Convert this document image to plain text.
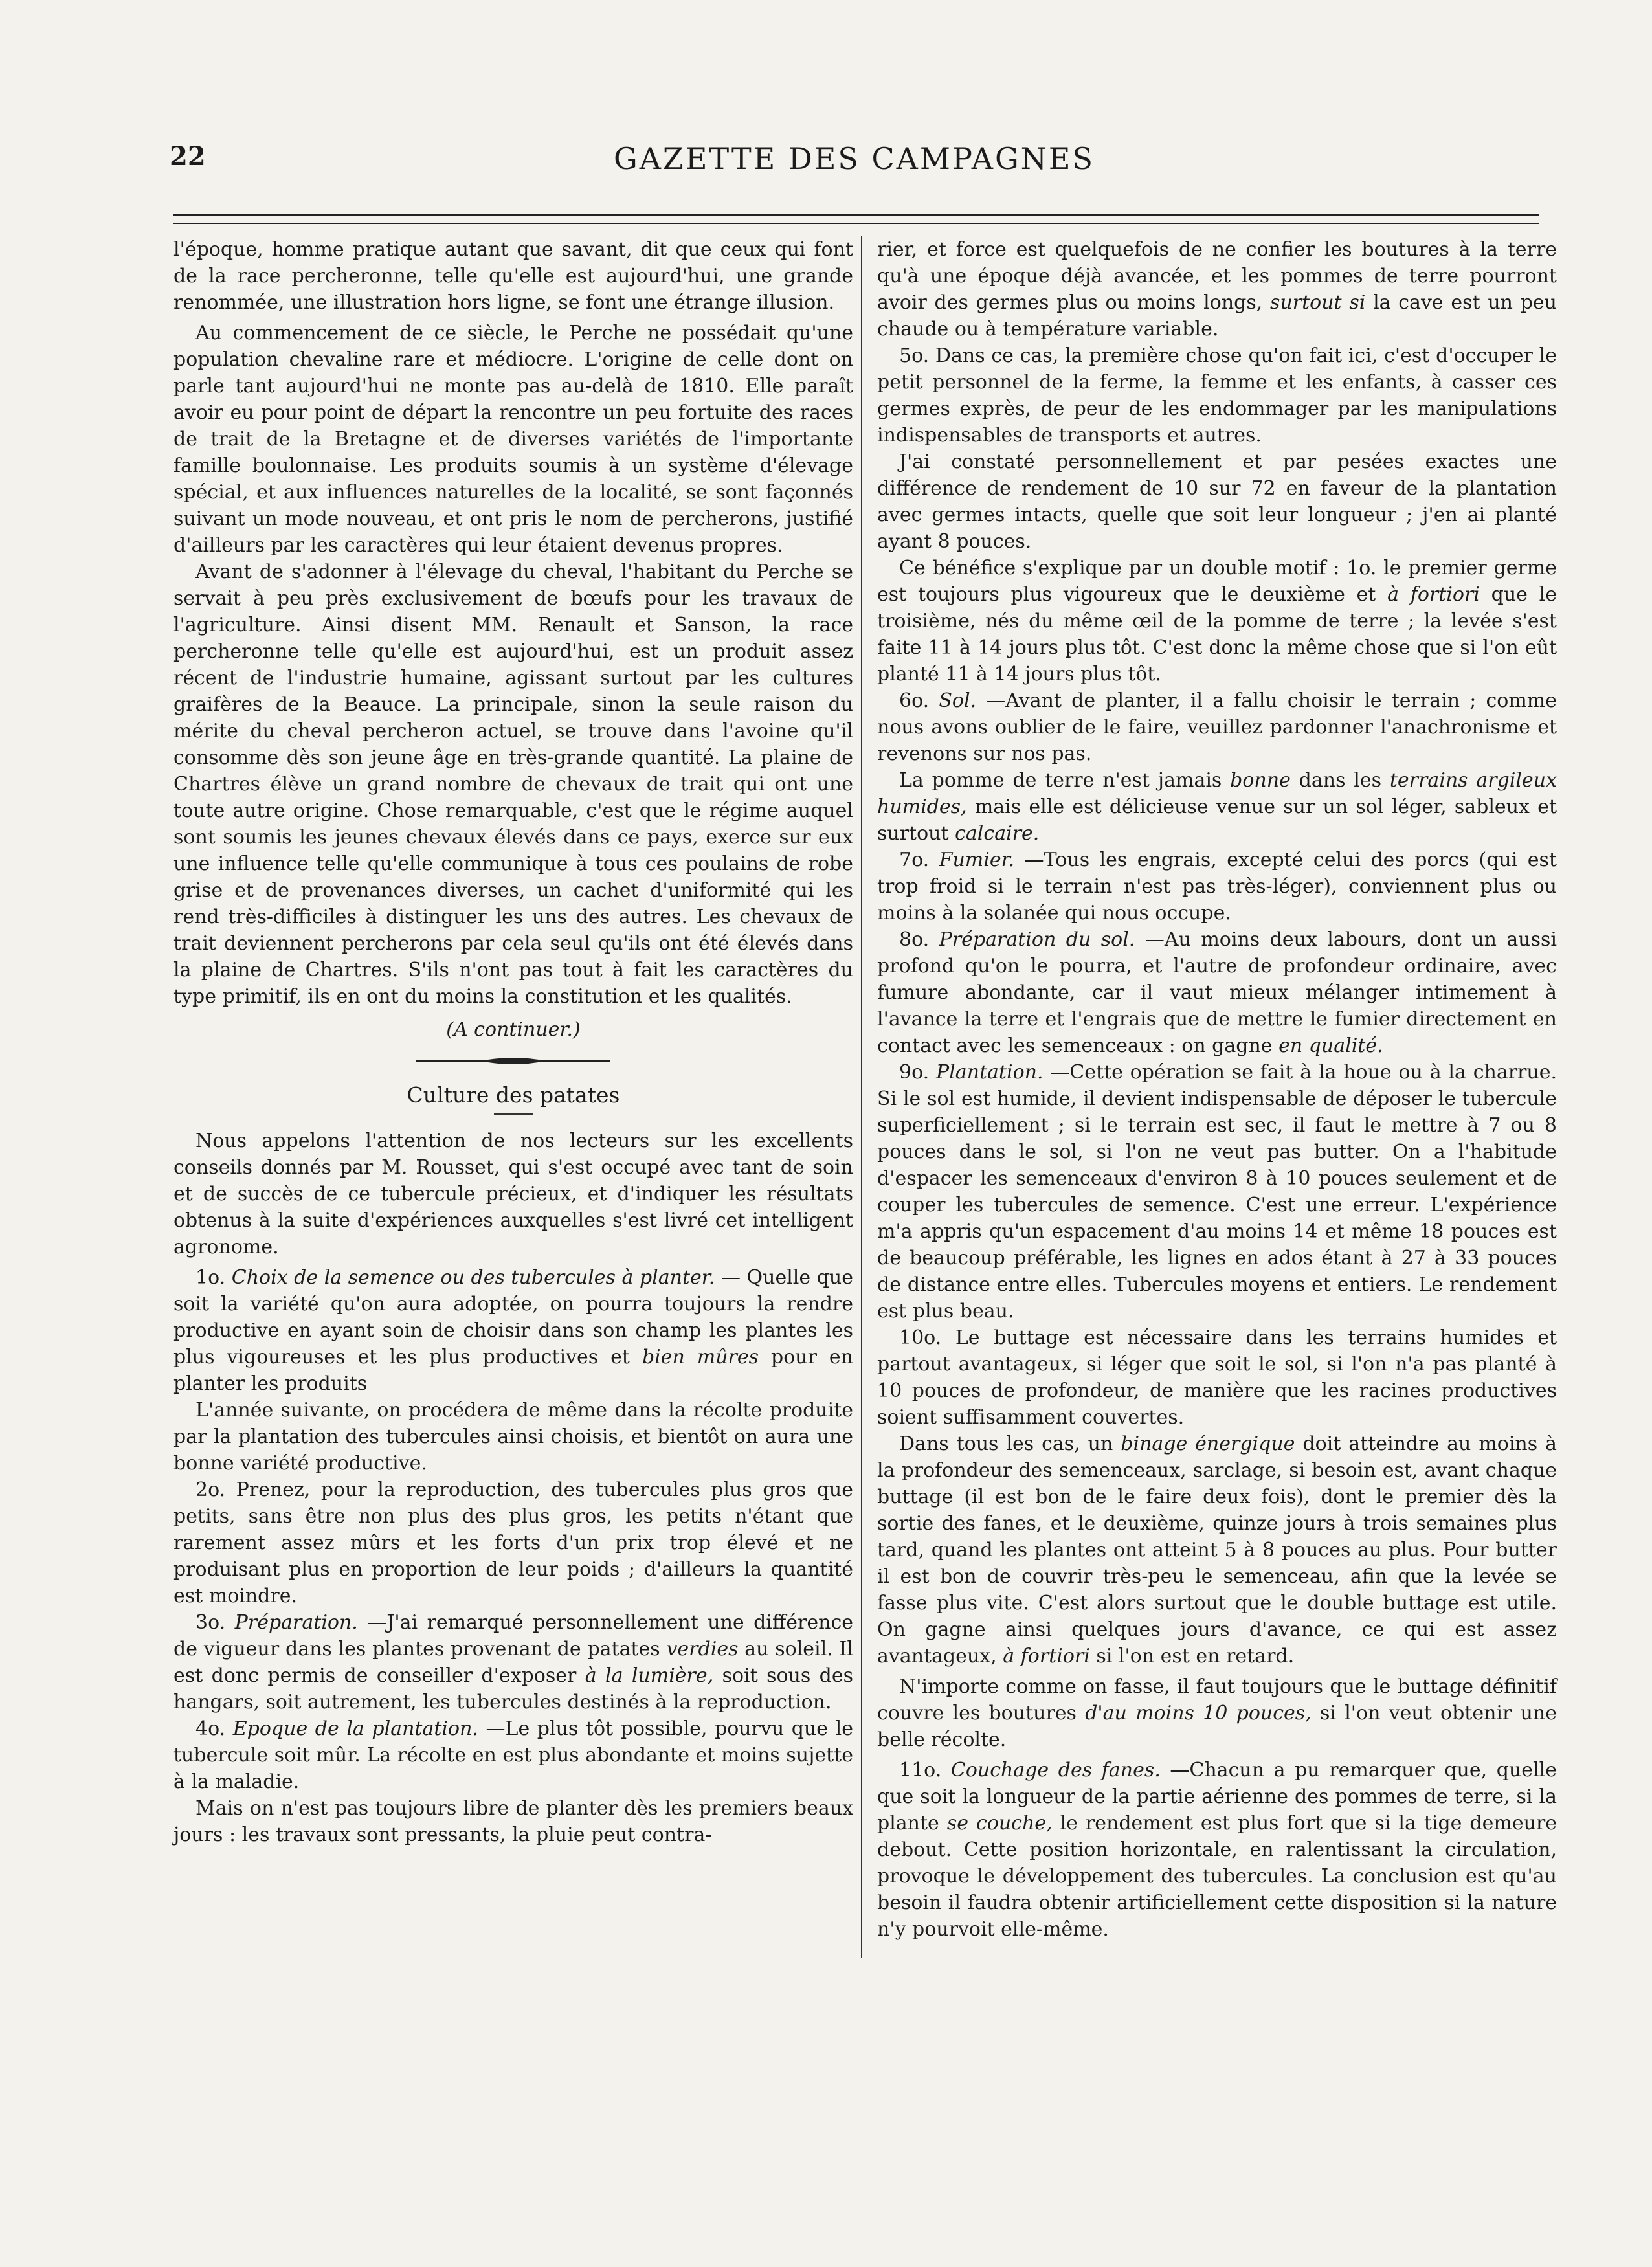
22	GAZETTE DES CAMPAGNES

l'époque, homme pratique autant que savant, dit que ceux qui font de la race percheronne, telle qu'elle est aujourd'hui, une grande renommée, une illustration hors ligne, se font une étrange illusion.

Au commencement de ce siècle, le Perche ne possédait qu'une population chevaline rare et médiocre. L'origine de celle dont on parle tant aujourd'hui ne monte pas au-delà de 1810. Elle paraît avoir eu pour point de départ la rencontre un peu fortuite des races de trait de la Bretagne et de diverses variétés de l'importante famille boulonnaise. Les produits soumis à un système d'élevage spécial, et aux influences naturelles de la localité, se sont façonnés suivant un mode nouveau, et ont pris le nom de percherons, justifié d'ailleurs par les caractères qui leur étaient devenus propres.

Avant de s'adonner à l'élevage du cheval, l'habitant du Perche se servait à peu près exclusivement de bœufs pour les travaux de l'agriculture. Ainsi disent MM. Renault et Sanson, la race percheronne telle qu'elle est aujourd'hui, est un produit assez récent de l'industrie humaine, agissant surtout par les cultures graifères de la Beauce. La principale, sinon la seule raison du mérite du cheval percheron actuel, se trouve dans l'avoine qu'il consomme dès son jeune âge en très-grande quantité. La plaine de Chartres élève un grand nombre de chevaux de trait qui ont une toute autre origine. Chose remarquable, c'est que le régime auquel sont soumis les jeunes chevaux élevés dans ce pays, exerce sur eux une influence telle qu'elle communique à tous ces poulains de robe grise et de provenances diverses, un cachet d'uniformité qui les rend très-difficiles à distinguer les uns des autres. Les chevaux de trait deviennent percherons par cela seul qu'ils ont été élevés dans la plaine de Chartres. S'ils n'ont pas tout à fait les caractères du type primitif, ils en ont du moins la constitution et les qualités.

(A continuer.)
Culture des patates

Nous appelons l'attention de nos lecteurs sur les excellents conseils donnés par M. Rousset, qui s'est occupé avec tant de soin et de succès de ce tubercule précieux, et d'indiquer les résultats obtenus à la suite d'expériences auxquelles s'est livré cet intelligent agronome.

1o. Choix de la semence ou des tubercules à planter. — Quelle que soit la variété qu'on aura adoptée, on pourra toujours la rendre productive en ayant soin de choisir dans son champ les plantes les plus vigoureuses et les plus productives et bien mûres pour en planter les produits

L'année suivante, on procédera de même dans la récolte produite par la plantation des tubercules ainsi choisis, et bientôt on aura une bonne variété productive.

2o. Prenez, pour la reproduction, des tubercules plus gros que petits, sans être non plus des plus gros, les petits n'étant que rarement assez mûrs et les forts d'un prix trop élevé et ne produisant plus en proportion de leur poids ; d'ailleurs la quantité est moindre.

3o. Préparation. —J'ai remarqué personnellement une différence de vigueur dans les plantes provenant de patates verdies au soleil. Il est donc permis de conseiller d'exposer à la lumière, soit sous des hangars, soit autrement, les tubercules destinés à la reproduction.

4o. Epoque de la plantation. —Le plus tôt possible, pourvu que le tubercule soit mûr. La récolte en est plus abondante et moins sujette à la maladie.

Mais on n'est pas toujours libre de planter dès les premiers beaux jours : les travaux sont pressants, la pluie peut contra-

rier, et force est quelquefois de ne confier les boutures à la terre qu'à une époque déjà avancée, et les pommes de terre pourront avoir des germes plus ou moins longs, surtout si la cave est un peu chaude ou à température variable.

5o. Dans ce cas, la première chose qu'on fait ici, c'est d'occuper le petit personnel de la ferme, la femme et les enfants, à casser ces germes exprès, de peur de les endommager par les manipulations indispensables de transports et autres.

J'ai constaté personnellement et par pesées exactes une différence de rendement de 10 sur 72 en faveur de la plantation avec germes intacts, quelle que soit leur longueur ; j'en ai planté ayant 8 pouces.

Ce bénéfice s'explique par un double motif : 1o. le premier germe est toujours plus vigoureux que le deuxième et à fortiori que le troisième, nés du même œil de la pomme de terre ; la levée s'est faite 11 à 14 jours plus tôt. C'est donc la même chose que si l'on eût planté 11 à 14 jours plus tôt.

6o. Sol. —Avant de planter, il a fallu choisir le terrain ; comme nous avons oublier de le faire, veuillez pardonner l'anachronisme et revenons sur nos pas.

La pomme de terre n'est jamais bonne dans les terrains argileux humides, mais elle est délicieuse venue sur un sol léger, sableux et surtout calcaire.

7o. Fumier. —Tous les engrais, excepté celui des porcs (qui est trop froid si le terrain n'est pas très-léger), conviennent plus ou moins à la solanée qui nous occupe.

8o. Préparation du sol. —Au moins deux labours, dont un aussi profond qu'on le pourra, et l'autre de profondeur ordinaire, avec fumure abondante, car il vaut mieux mélanger intimement à l'avance la terre et l'engrais que de mettre le fumier directement en contact avec les semenceaux : on gagne en qualité.

9o. Plantation. —Cette opération se fait à la houe ou à la charrue. Si le sol est humide, il devient indispensable de déposer le tubercule superficiellement ; si le terrain est sec, il faut le mettre à 7 ou 8 pouces dans le sol, si l'on ne veut pas butter. On a l'habitude d'espacer les semenceaux d'environ 8 à 10 pouces seulement et de couper les tubercules de semence. C'est une erreur. L'expérience m'a appris qu'un espacement d'au moins 14 et même 18 pouces est de beaucoup préférable, les lignes en ados étant à 27 à 33 pouces de distance entre elles. Tubercules moyens et entiers. Le rendement est plus beau.

10o. Le buttage est nécessaire dans les terrains humides et partout avantageux, si léger que soit le sol, si l'on n'a pas planté à 10 pouces de profondeur, de manière que les racines productives soient suffisamment couvertes.

Dans tous les cas, un binage énergique doit atteindre au moins à la profondeur des semenceaux, sarclage, si besoin est, avant chaque buttage (il est bon de le faire deux fois), dont le premier dès la sortie des fanes, et le deuxième, quinze jours à trois semaines plus tard, quand les plantes ont atteint 5 à 8 pouces au plus. Pour butter il est bon de couvrir très-peu le semenceau, afin que la levée se fasse plus vite. C'est alors surtout que le double buttage est utile. On gagne ainsi quelques jours d'avance, ce qui est assez avantageux, à fortiori si l'on est en retard.

N'importe comme on fasse, il faut toujours que le buttage définitif couvre les boutures d'au moins 10 pouces, si l'on veut obtenir une belle récolte.

11o. Couchage des fanes. —Chacun a pu remarquer que, quelle que soit la longueur de la partie aérienne des pommes de terre, si la plante se couche, le rendement est plus fort que si la tige demeure debout. Cette position horizontale, en ralentissant la circulation, provoque le développement des tubercules. La conclusion est qu'au besoin il faudra obtenir artificiellement cette disposition si la nature n'y pourvoit elle-même.
